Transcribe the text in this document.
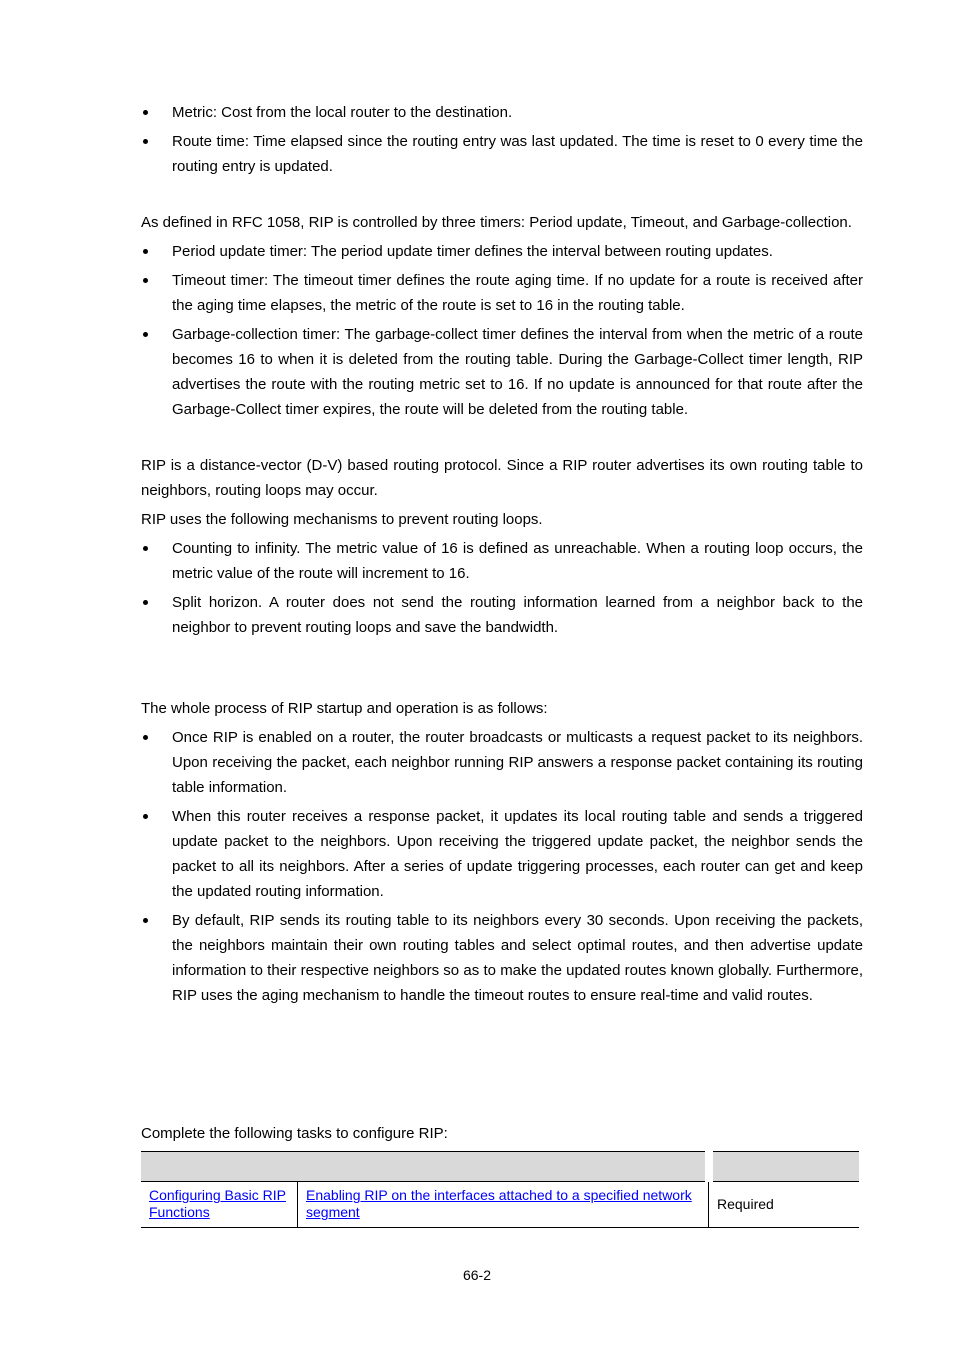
Metric: Cost from the local router to the destination.
Route time: Time elapsed since the routing entry was last updated. The time is reset to 0 every time the routing entry is updated.

As defined in RFC 1058, RIP is controlled by three timers: Period update, Timeout, and Garbage-collection.

Period update timer: The period update timer defines the interval between routing updates.
Timeout timer: The timeout timer defines the route aging time. If no update for a route is received after the aging time elapses, the metric of the route is set to 16 in the routing table.
Garbage-collection timer: The garbage-collect timer defines the interval from when the metric of a route becomes 16 to when it is deleted from the routing table. During the Garbage-Collect timer length, RIP advertises the route with the routing metric set to 16. If no update is announced for that route after the Garbage-Collect timer expires, the route will be deleted from the routing table.

RIP is a distance-vector (D-V) based routing protocol. Since a RIP router advertises its own routing table to neighbors, routing loops may occur.

RIP uses the following mechanisms to prevent routing loops.

Counting to infinity. The metric value of 16 is defined as unreachable. When a routing loop occurs, the metric value of the route will increment to 16.
Split horizon. A router does not send the routing information learned from a neighbor back to the neighbor to prevent routing loops and save the bandwidth.

The whole process of RIP startup and operation is as follows:

Once RIP is enabled on a router, the router broadcasts or multicasts a request packet to its neighbors. Upon receiving the packet, each neighbor running RIP answers a response packet containing its routing table information.
When this router receives a response packet, it updates its local routing table and sends a triggered update packet to the neighbors. Upon receiving the triggered update packet, the neighbor sends the packet to all its neighbors. After a series of update triggering processes, each router can get and keep the updated routing information.
By default, RIP sends its routing table to its neighbors every 30 seconds. Upon receiving the packets, the neighbors maintain their own routing tables and select optimal routes, and then advertise update information to their respective neighbors so as to make the updated routes known globally. Furthermore, RIP uses the aging mechanism to handle the timeout routes to ensure real-time and valid routes.

Complete the following tasks to configure RIP:

Configuring Basic RIP Functions	Enabling RIP on the interfaces attached to a specified network segment	Required
66-2
